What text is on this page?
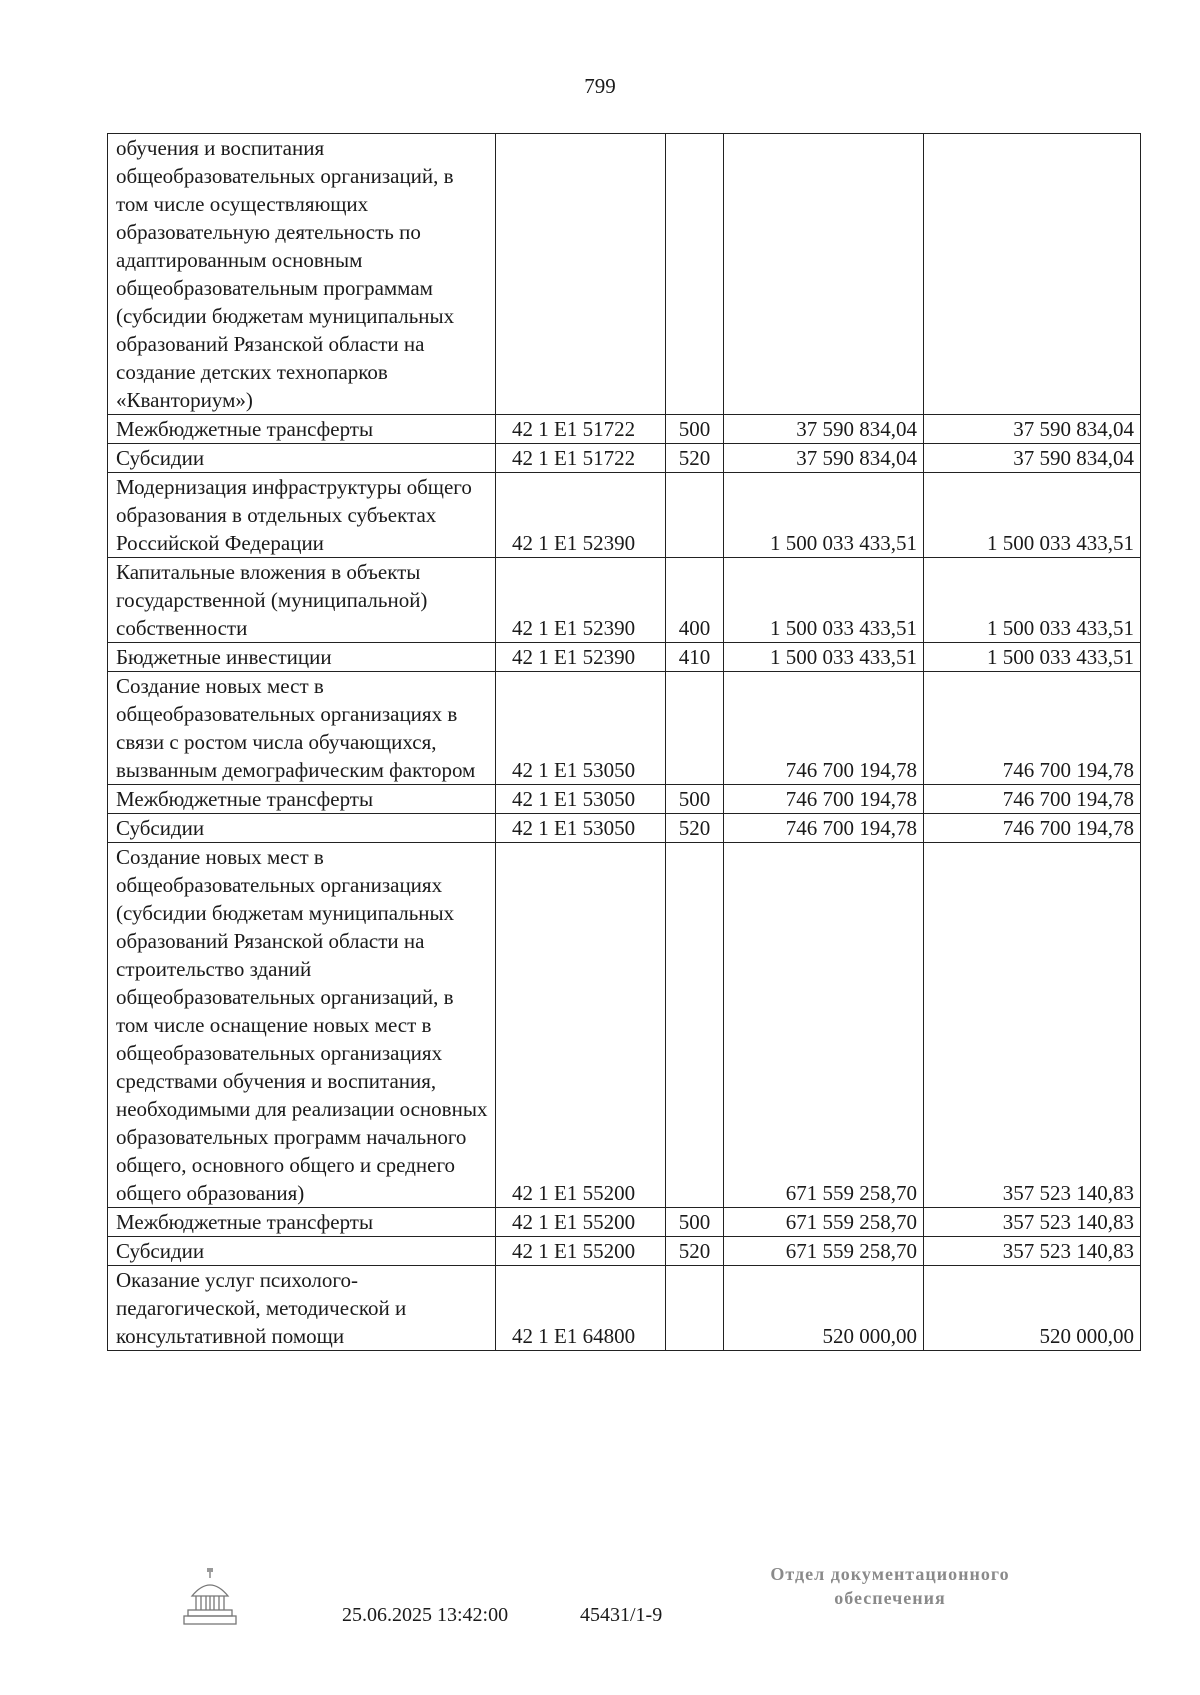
799
обучения и воспитания общеобразовательных организаций, в том числе осуществляющих образовательную деятельность по адаптированным основным общеобразовательным программам (субсидии бюджетам муниципальных образований Рязанской области на создание детских технопарков «Кванториум»)				
Межбюджетные трансферты	42 1 E1 51722	500	37 590 834,04	37 590 834,04
Субсидии	42 1 E1 51722	520	37 590 834,04	37 590 834,04
Модернизация инфраструктуры общего образования в отдельных субъектах Российской Федерации	42 1 E1 52390		1 500 033 433,51	1 500 033 433,51
Капитальные вложения в объекты государственной (муниципальной) собственности	42 1 E1 52390	400	1 500 033 433,51	1 500 033 433,51
Бюджетные инвестиции	42 1 E1 52390	410	1 500 033 433,51	1 500 033 433,51
Создание новых мест в общеобразовательных организациях в связи с ростом числа обучающихся, вызванным демографическим фактором	42 1 E1 53050		746 700 194,78	746 700 194,78
Межбюджетные трансферты	42 1 E1 53050	500	746 700 194,78	746 700 194,78
Субсидии	42 1 E1 53050	520	746 700 194,78	746 700 194,78
Создание новых мест в общеобразовательных организациях (субсидии бюджетам муниципальных образований Рязанской области на строительство зданий общеобразовательных организаций, в том числе оснащение новых мест в общеобразовательных организациях средствами обучения и воспитания, необходимыми для реализации основных образовательных программ начального общего, основного общего и среднего общего образования)	42 1 E1 55200		671 559 258,70	357 523 140,83
Межбюджетные трансферты	42 1 E1 55200	500	671 559 258,70	357 523 140,83
Субсидии	42 1 E1 55200	520	671 559 258,70	357 523 140,83
Оказание услуг психолого-педагогической, методической и консультативной помощи	42 1 E1 64800		520 000,00	520 000,00
25.06.2025 13:42:00	45431/1-9
Отдел документационного
обеспечения
